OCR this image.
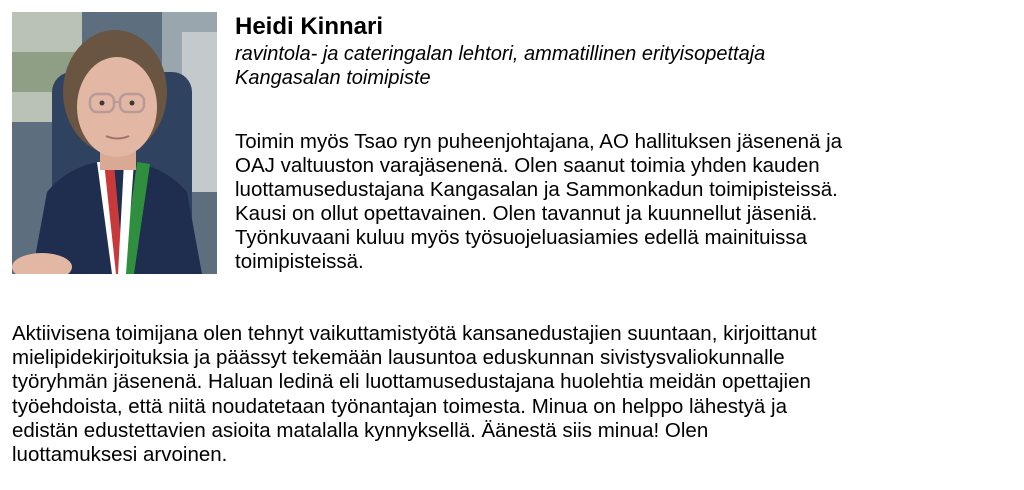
Heidi Kinnari

ravintola- ja cateringalan lehtori, ammatillinen erityisopettaja

Kangasalan toimipiste

Toimin myös Tsao ryn puheenjohtajana, AO hallituksen jäsenenä ja
OAJ valtuuston varajäsenenä. Olen saanut toimia yhden kauden
luottamusedustajana Kangasalan ja Sammonkadun toimipisteissä.
Kausi on ollut opettavainen. Olen tavannut ja kuunnellut jäseniä.
Työnkuvaani kuluu myös työsuojeluasiamies edellä mainituissa
toimipisteissä.

Aktiivisena toimijana olen tehnyt vaikuttamistyötä kansanedustajien suuntaan, kirjoittanut
mielipidekirjoituksia ja päässyt tekemään lausuntoa eduskunnan sivistysvaliokunnalle
työryhmän jäsenenä. Haluan ledinä eli luottamusedustajana huolehtia meidän opettajien
työehdoista, että niitä noudatetaan työnantajan toimesta. Minua on helppo lähestyä ja
edistän edustettavien asioita matalalla kynnyksellä. Äänestä siis minua! Olen
luottamuksesi arvoinen.
